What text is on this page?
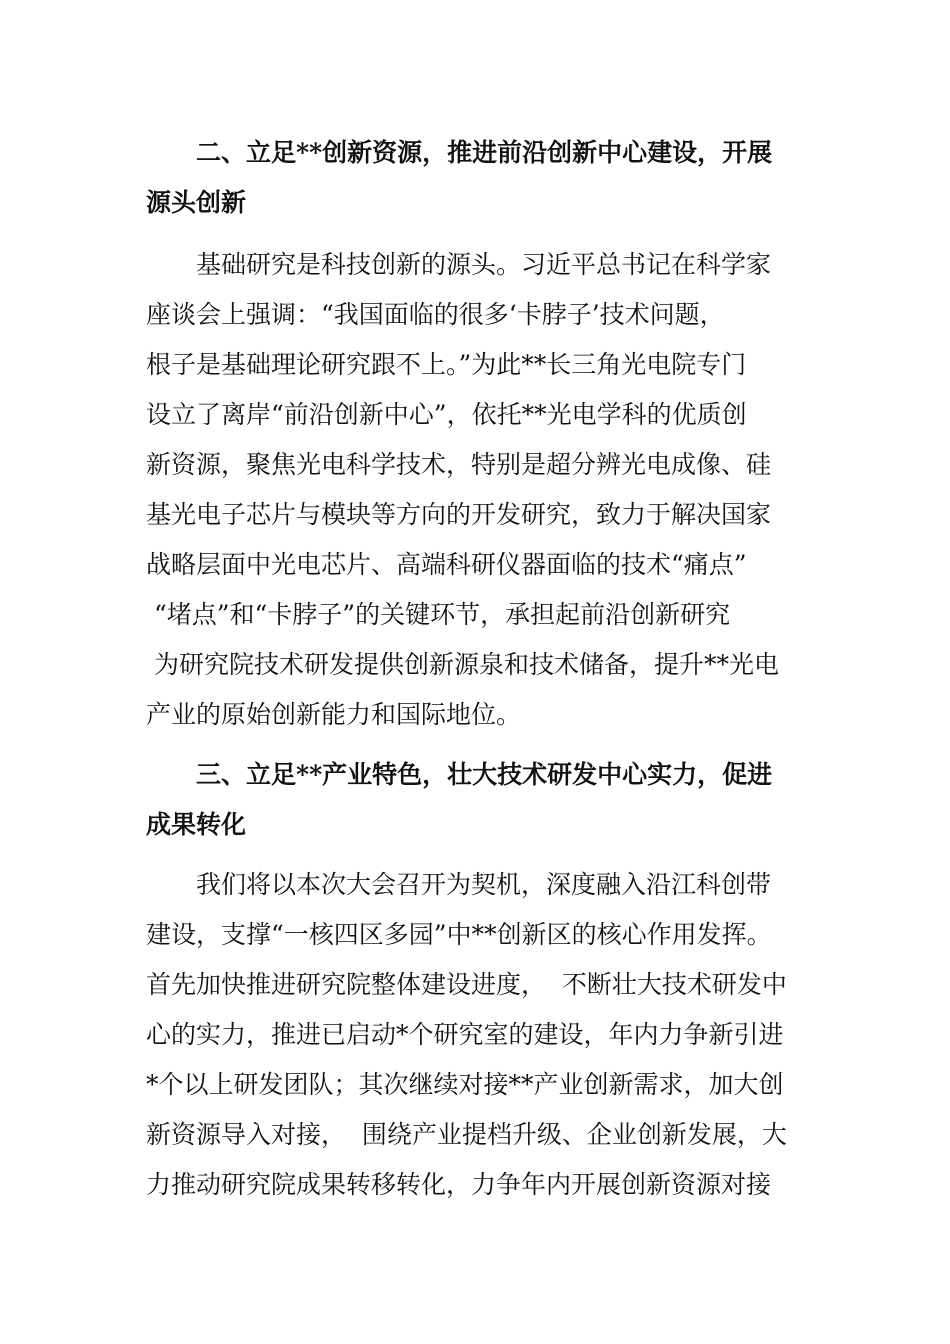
二、立足**创新资源，推进前沿创新中心建设，开展
源头创新
基础研究是科技创新的源头。习近平总书记在科学家
座谈会上强调：“我国面临的很多‘卡脖子’技术问题，
根子是基础理论研究跟不上。”为此**长三角光电院专门
设立了离岸“前沿创新中心”，依托**光电学科的优质创
新资源，聚焦光电科学技术，特别是超分辨光电成像、硅
基光电子芯片与模块等方向的开发研究，致力于解决国家
战略层面中光电芯片、高端科研仪器面临的技术“痛点”
“堵点”和“卡脖子”的关键环节，承担起前沿创新研究
为研究院技术研发提供创新源泉和技术储备，提升**光电
产业的原始创新能力和国际地位。
三、立足**产业特色，壮大技术研发中心实力，促进
成果转化
我们将以本次大会召开为契机，深度融入沿江科创带
建设，支撑“一核四区多园”中**创新区的核心作用发挥。
首先加快推进研究院整体建设进度，  不断壮大技术研发中
心的实力，推进已启动*个研究室的建设，年内力争新引进
*个以上研发团队；其次继续对接**产业创新需求，加大创
新资源导入对接，  围绕产业提档升级、企业创新发展，大
力推动研究院成果转移转化，力争年内开展创新资源对接
